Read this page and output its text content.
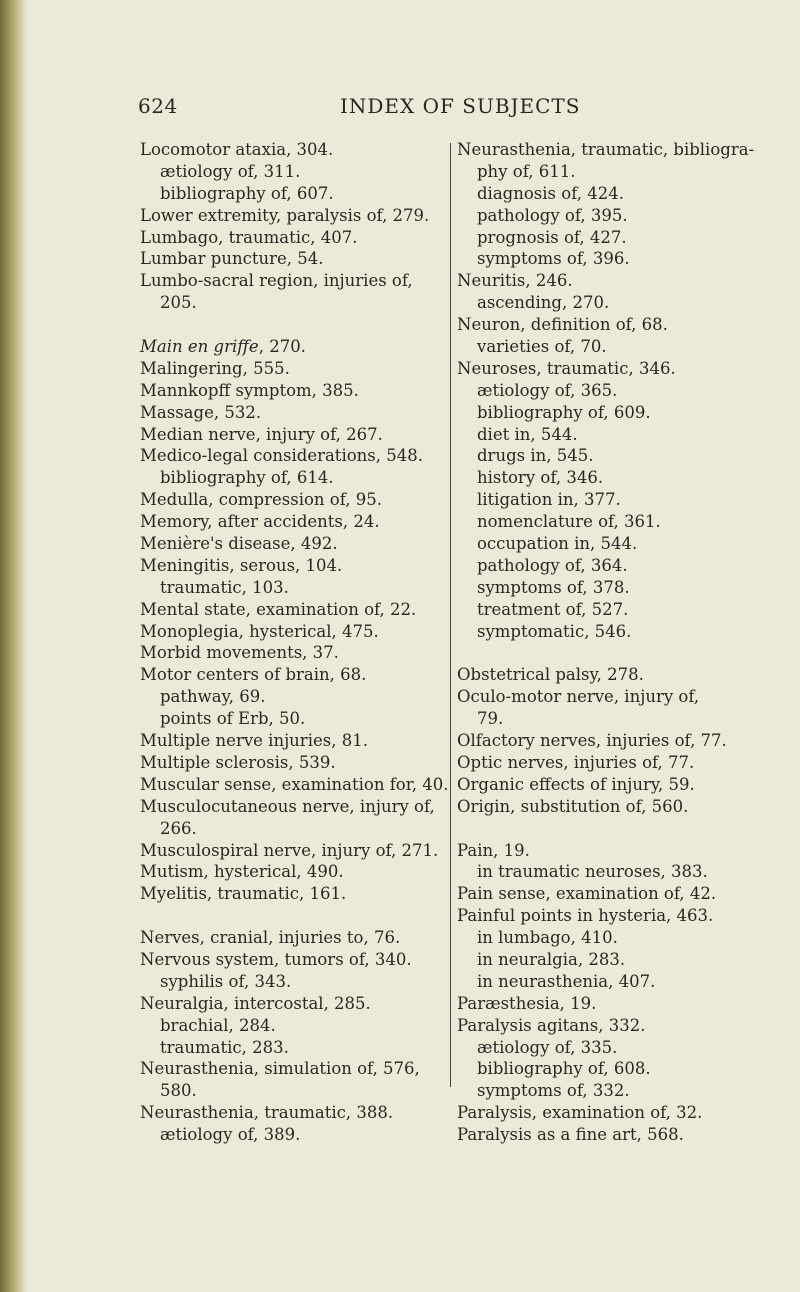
624	INDEX OF SUBJECTS
Locomotor ataxia, 304.
ætiology of, 311.
bibliography of, 607.
Lower extremity, paralysis of, 279.
Lumbago, traumatic, 407.
Lumbar puncture, 54.
Lumbo-sacral region, injuries of,
205.
Main en griffe, 270.
Malingering, 555.
Mannkopff symptom, 385.
Massage, 532.
Median nerve, injury of, 267.
Medico-legal considerations, 548.
bibliography of, 614.
Medulla, compression of, 95.
Memory, after accidents, 24.
Menière's disease, 492.
Meningitis, serous, 104.
traumatic, 103.
Mental state, examination of, 22.
Monoplegia, hysterical, 475.
Morbid movements, 37.
Motor centers of brain, 68.
pathway, 69.
points of Erb, 50.
Multiple nerve injuries, 81.
Multiple sclerosis, 539.
Muscular sense, examination for, 40.
Musculocutaneous nerve, injury of,
266.
Musculospiral nerve, injury of, 271.
Mutism, hysterical, 490.
Myelitis, traumatic, 161.
Nerves, cranial, injuries to, 76.
Nervous system, tumors of, 340.
syphilis of, 343.
Neuralgia, intercostal, 285.
brachial, 284.
traumatic, 283.
Neurasthenia, simulation of, 576,
580.
Neurasthenia, traumatic, 388.
ætiology of, 389.
Neurasthenia, traumatic, bibliogra-
phy of, 611.
diagnosis of, 424.
pathology of, 395.
prognosis of, 427.
symptoms of, 396.
Neuritis, 246.
ascending, 270.
Neuron, definition of, 68.
varieties of, 70.
Neuroses, traumatic, 346.
ætiology of, 365.
bibliography of, 609.
diet in, 544.
drugs in, 545.
history of, 346.
litigation in, 377.
nomenclature of, 361.
occupation in, 544.
pathology of, 364.
symptoms of, 378.
treatment of, 527.
symptomatic, 546.
Obstetrical palsy, 278.
Oculo-motor nerve, injury of,
79.
Olfactory nerves, injuries of, 77.
Optic nerves, injuries of, 77.
Organic effects of injury, 59.
Origin, substitution of, 560.
Pain, 19.
in traumatic neuroses, 383.
Pain sense, examination of, 42.
Painful points in hysteria, 463.
in lumbago, 410.
in neuralgia, 283.
in neurasthenia, 407.
Paræsthesia, 19.
Paralysis agitans, 332.
ætiology of, 335.
bibliography of, 608.
symptoms of, 332.
Paralysis, examination of, 32.
Paralysis as a fine art, 568.
